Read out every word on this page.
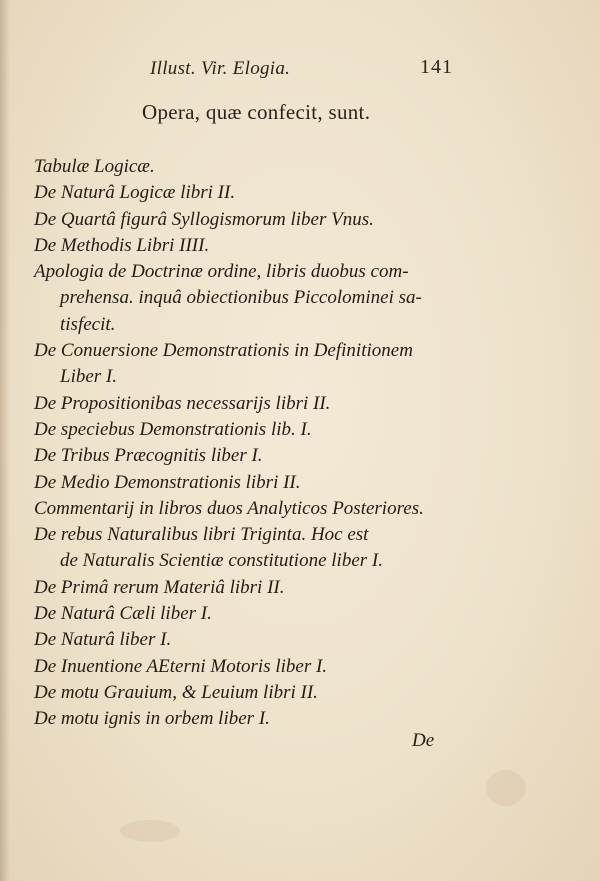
Illust. Vir. Elogia.	141
Opera, quæ confecit, sunt.
Tabulæ Logicæ.
De Naturâ Logicæ libri II.
De Quartâ figurâ Syllogismorum liber Vnus.
De Methodis Libri IIII.
Apologia de Doctrinæ ordine, libris duobus com-
prehensa. inquâ obiectionibus Piccolominei sa-
tisfecit.
De Conuersione Demonstrationis in Definitionem
Liber I.
De Propositionibas necessarijs libri II.
De speciebus Demonstrationis lib. I.
De Tribus Præcognitis liber I.
De Medio Demonstrationis libri II.
Commentarij in libros duos Analyticos Posteriores.
De rebus Naturalibus libri Triginta. Hoc est
de Naturalis Scientiæ constitutione liber I.
De Primâ rerum Materiâ libri II.
De Naturâ Cæli liber I.
De Naturâ liber I.
De Inuentione AEterni Motoris liber I.
De motu Grauium, & Leuium libri II.
De motu ignis in orbem liber I.
De
